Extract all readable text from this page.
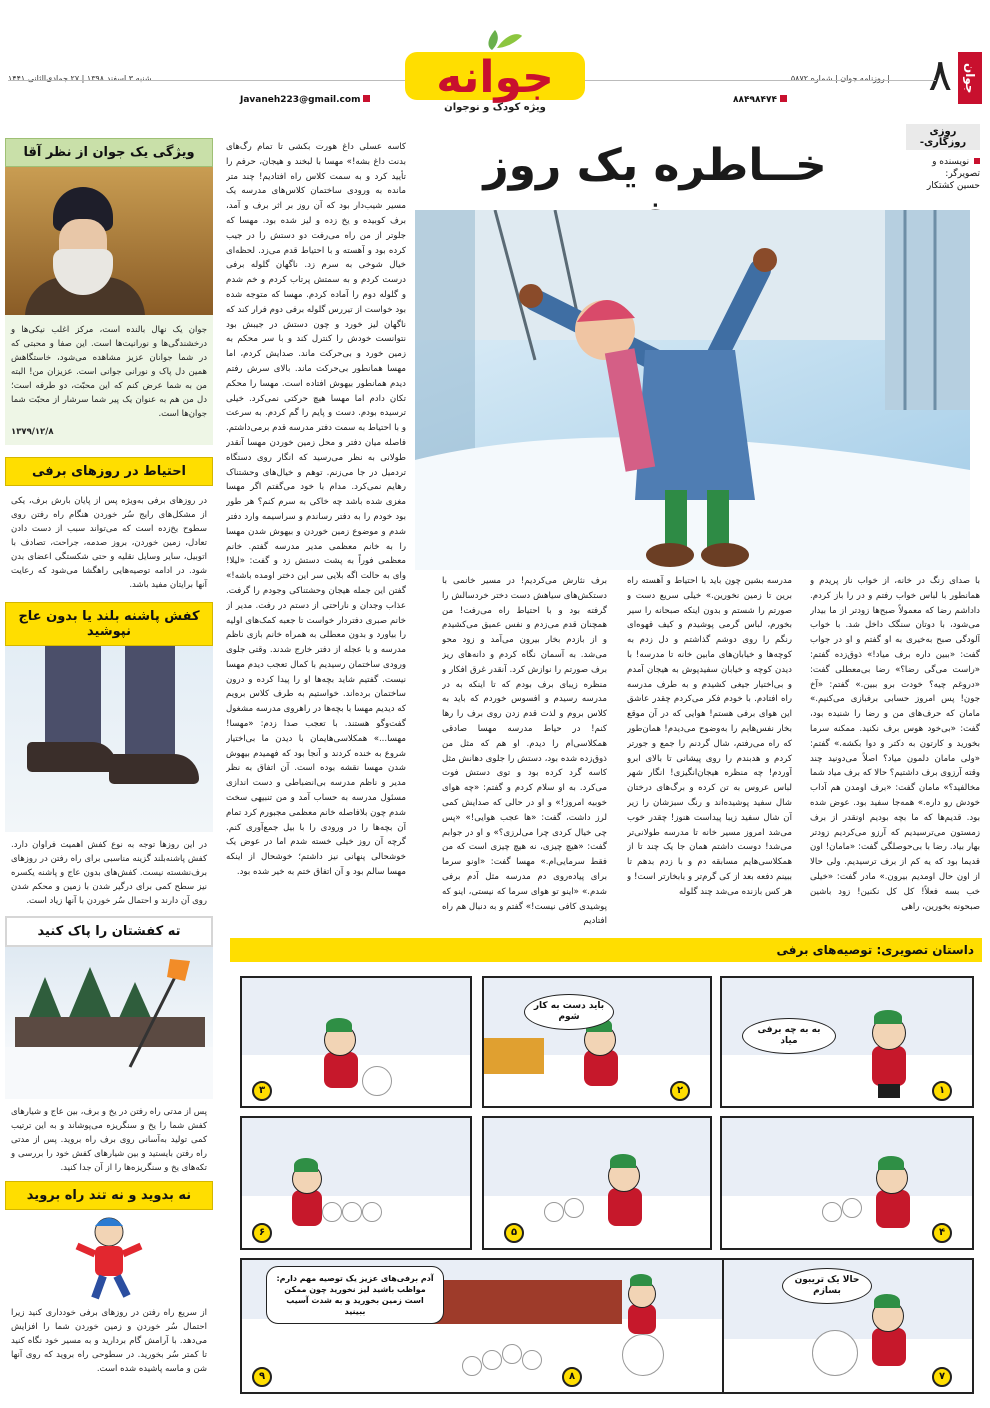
جوان
۸
| روزنامه جوان | شماره ۵۸۷۲
شنبه ۳ اسفند ۱۳۹۸ | ۲۷ جمادی‌الثانی ۱۴۴۱
۸۸۴۹۸۴۷۴
Javaneh223@gmail.com جوانه
ویژه کودک و نوجوان
ویژگی یک جوان از نظر آقا
جوان یک نهال بالنده است، مرکز اغلب نیکی‌ها و درخشندگی‌ها و نورانیت‌ها است. این صفا و محبتی که در شما جوانان عزیز مشاهده می‌شود، خاستگاهش همین دل پاک و نورانی جوانی است. عزیزان من! البته من به شما عرض کنم که این محبّت، دو طرفه است؛ دل من هم به عنوان یک پیر شما سرشار از محبّت شما جوان‌ها است.
۱۳۷۹/۱۲/۸
احتیاط در روزهای برفی
در روزهای برفی به‌ویژه پس از پایان بارش برف، یکی از مشکل‌های رایج سُر خوردن هنگام راه رفتن روی سطوح یخ‌زده است که می‌تواند سبب از دست دادن تعادل، زمین خوردن، بروز صدمه، جراحت، تصادف با اتوبیل، سایر وسایل نقلیه و حتی شکستگی اعضای بدن شود. در ادامه توصیه‌هایی راهگشا می‌شود که رعایت آنها برایتان مفید باشد.
کفش پاشنه بلند یا بدون عاج نپوشید
در این روزها توجه به نوع کفش اهمیت فراوان دارد. کفش پاشنه‌بلند گزینه مناسبی برای راه رفتن در روزهای برف‌نشسته نیست. کفش‌های بدون عاج و پاشنه یکسره نیز سطح کمی برای درگیر شدن با زمین و محکم شدن روی آن دارند و احتمال سُر خوردن با آنها زیاد است.
ته کفشتان را پاک کنید
پس از مدتی راه رفتن در یخ و برف، بین عاج و شیارهای کفش شما را یخ و سنگریزه می‌پوشاند و به این ترتیب کمی تولید به‌آسانی روی برف راه بروید. پس از مدتی راه رفتن بایستید و بین شیارهای کفش خود را بررسی و تکه‌های یخ و سنگریزه‌ها را از آن جدا کنید.
نه بدوید و نه تند راه بروید
از سریع راه رفتن در روزهای برفی خودداری کنید زیرا احتمال سُر خوردن و زمین خوردن شما را افزایش می‌دهد. با آرامش گام بردارید و به مسیر خود نگاه کنید تا کمتر سُر بخورید. در سطوحی راه بروید که روی آنها شن و ماسه پاشیده شده است.
روزی روزگاری-
نویسنده و تصویرگر:
حسین کشتکار
خــاطره یک روز
با صدای زنگ در خانه، از خواب ناز پریدم و همانطور با لباس خواب رفتم و در را باز کردم. دادا‌شم رضا که معمولاً صبح‌ها زودتر از ما بیدار می‌شود، با دوتان سنگک داخل شد. با خواب آلودگی صبح به‌خیری به او گفتم و او در جواب گفت: «ببین داره برف میاد!» ذوق‌زده گفتم: «راست می‌گی رضا؟» رضا بی‌معطلی گفت: «دروغم چیه؟ خودت برو ببین.» گفتم: «آخ جون! پس امروز حسابی برفبازی می‌کنیم.» مامان که حرف‌های من و رضا را شنیده بود، گفت: «بی‌خود هوس برف نکنید. ممکنه سرما بخورید و کارتون به دکتر و دوا بکشه.» گفتم: «ولی مامان دلمون میاد؟ اصلاً می‌دونید چند وقته آرزوی برف داشتیم؟ حالا که برف میاد شما مخالفید؟» مامان گفت: «برف اومدن هم آداب خودش رو داره.» همه‌جا سفید بود. عوض شده بود. قدیم‌ها که ما بچه بودیم اونقدر از برف زمستون می‌ترسیدیم که آرزو می‌کردیم زودتر بهار بیاد. رضا با بی‌حوصلگی گفت: «مامان! اون قدیما بود که یه کم از برف ترسیدیم. ولی حالا از اون حال اومدیم بیرون.» مادر گفت: «خیلی خب بسه فعلاً! کل کل نکنین! زود باشین صبحونه بخورین، راهی
مدرسه بشین چون باید با احتیاط و آهسته راه برین تا زمین نخورین.» خیلی سریع دست و صورتم را شستم و بدون اینکه صبحانه را سیر بخورم، لباس گرمی پوشیدم و کیف قهوه‌ای رنگم را روی دوشم گذاشتم و دل زدم به کوچه‌ها و خیابان‌های مابین خانه تا مدرسه! با دیدن کوچه و خیابان سفیدپوش به هیجان آمدم و بی‌اختیار جیغی کشیدم و به طرف مدرسه راه افتادم. با خودم فکر می‌کردم چقدر عاشق این هوای برفی هستم! هوایی که در آن موقع بخار نفس‌هایم را به‌وضوح می‌دیدم! همان‌طور که راه می‌رفتم، شال گردنم را جمع و جورتر کردم و هدبندم را روی پیشانی تا بالای ابرو آوردم! چه منظره هیجان‌انگیزی! انگار شهر لباس عروس به تن کرده و برگ‌های درختان شال سفید پوشیده‌اند و رنگ سبزشان را زیر آن شال سفید زیبا پیداست هنوز! چقدر خوب می‌شد امروز مسیر خانه تا مدرسه طولانی‌تر می‌شد! دوست داشتم همان جا یک چند تا از همکلاسی‌هایم مسابقه دم و با زدم بدهم تا ببینم دفعه بعد از کی گرم‌تر و بابخارتر است! و هر کس بازنده می‌شد چند گلوله
برف نثارش می‌کردیم! در مسیر خانمی با دستکش‌های سیاهش دست دختر خردسالش را گرفته بود و با احتیاط راه می‌رفت! من همچنان قدم می‌زدم و نفس عمیق می‌کشیدم و از بازدم بخار بیرون می‌آمد و زود محو می‌شد. به آسمان نگاه کردم و دانه‌های ریز برف صورتم را نوازش کرد. آنقدر غرق افکار و منظره زیبای برف بودم که تا اینکه به در مدرسه رسیدم و افسوس خوردم که باید به کلاس بروم و لذت قدم زدن روی برف را رها کنم! در حیاط مدرسه مهسا صادقی همکلاسی‌ام را دیدم. او هم که مثل من ذوق‌زده شده بود، دستش را جلوی دهانش مثل کاسه گرد کرده بود و توی دستش فوت می‌کرد. به او سلام کردم و گفتم: «چه هوای خوبیه امروز!» و او در حالی که صدایش کمی لرز داشت، گفت: «ها عجب هوایی!» «پس چی‌ خیال کردی چرا می‌لرزی؟» و او در جوابم گفت: «هیچ چیزی، نه هیچ چیزی است که من فقط سرمایی‌ام.» مهسا گفت: «اونو سرما برای پیاده‌روی دم مدرسه مثل آدم برفی شدم.» «اینو تو هوای سرما که نیستی، اینو که پوشیدی کافی نیست!» گفتم و به دنبال هم راه افتادیم
کاسه عسلی داغ هورت بکشی تا تمام رگ‌های بدنت داغ بشه!» مهسا با لبخند و هیجان، حرفم را تأیید کرد و به سمت کلاس راه افتادیم! چند متر مانده به ورودی ساختمان کلاس‌های مدرسه یک مسیر شیب‌دار بود که آن روز بر اثر برف و آمد، برف کوبیده و یخ زده و لیز شده بود. مهسا که جلوتر از من راه می‌رفت دو دستش را در جیب کرده بود و آهسته و با احتیاط قدم می‌زد. لحظه‌ای خیال شوخی به سرم زد. ناگهان گلوله برفی درست کردم و به سمتش پرتاب کردم و خم شدم و گلوله دوم را آماده کردم. مهسا که متوجه شده بود خواست از تیررس گلوله برفی دوم فرار کند که ناگهان لیز خورد و چون دستش در جیبش بود نتوانست خودش را کنترل کند و با سر محکم به زمین خورد و بی‌حرکت ماند. صدایش کردم، اما مهسا همانطور بی‌حرکت ماند. بالای سرش رفتم دیدم همانطور بیهوش افتاده است. مهسا را محکم تکان دادم اما مهسا هیچ حرکتی نمی‌کرد. خیلی ترسیده بودم. دست و پایم را گم کردم. به سرعت و با احتیاط به سمت دفتر مدرسه قدم برمی‌داشتم. فاصله میان دفتر و محل زمین خوردن مهسا آنقدر طولانی به نظر می‌رسید که انگار روی دستگاه تردمیل در جا می‌زنم. توهم و خیال‌های وحشتناک رهایم نمی‌کرد. مدام با خود می‌گفتم اگر مهسا مغزی شده باشد چه خاکی به سرم کنم؟ هر طور بود خودم را به دفتر رساندم و سراسیمه وارد دفتر شدم و موضوع زمین خوردن و بیهوش شدن مهسا را به خانم معظمی مدیر مدرسه گفتم. خانم معظمی فوراً به پشت دستش زد و گفت: «لیلا! وای به حالت اگه بلایی سر این دختر اومده باشه!» گفتن این جمله هیجان وحشتناکی وجودم را گرفت. عذاب وجدان و ناراحتی از دستم در رفت. مدیر از خانم صبری دفتردار خواست تا جعبه کمک‌های اولیه را بیاورد و بدون معطلی به همراه خانم بازی ناظم مدرسه و با عجله از دفتر خارج شدند. وقتی جلوی ورودی ساختمان رسیدیم با کمال تعجب دیدم مهسا نیست. گفتیم شاید بچه‌ها او را پیدا کرده و درون ساختمان برده‌اند. خواستیم به طرف کلاس برویم که دیدیم مهسا با بچه‌ها در راهروی مدرسه مشغول گفت‌وگو هستند. با تعجب صدا زدم: «مهسا! مهسا...» همکلاسی‌هایمان با دیدن ما بی‌اختیار شروع به خنده کردند و آنجا بود که فهمیدم بیهوش شدن مهسا نقشه بوده است. آن اتفاق به نظر مدیر و ناظم مدرسه بی‌انضباطی و دست اندازی مسئول مدرسه به حساب آمد و من تنبیهی سخت شدم چون بلافاصله خانم معظمی مجبورم کرد تمام آن بچه‌ها را در ورودی را با بیل جمع‌آوری کنم. گرچه آن روز خیلی خسته شدم اما در عوض یک خوشحالی پنهانی نیز داشتم؛ خوشحال از اینکه مهسا سالم بود و آن اتفاق ختم به خیر شده بود.
داستان تصویری: توصیه‌های برفی
به به چه برفی میاد
۱
باید دست به کار شوم
۲
۳
۴
۵
۶
حالا یک تریبون بسازم
۷
آدم برفی‌های عزیز یک توصیه مهم دارم: مواظب باشید لیز نخورید چون ممکن است زمین بخورید و به شدت آسیب ببینید
۹	۸
